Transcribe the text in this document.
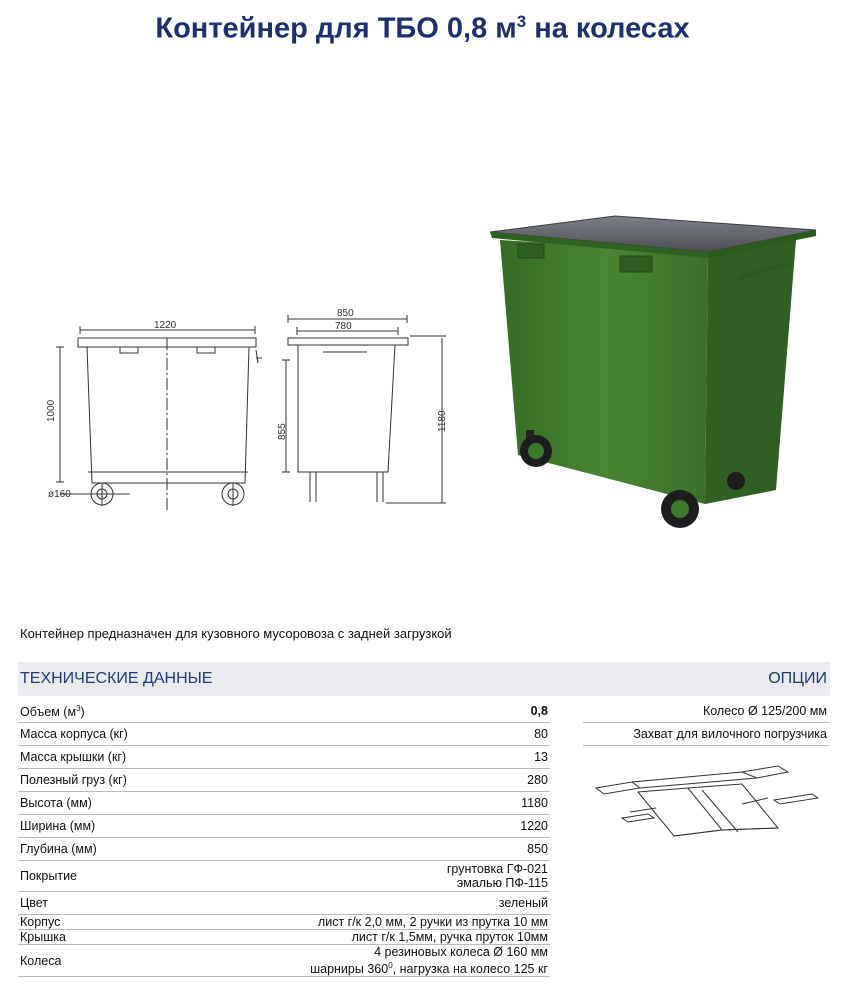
Контейнер для ТБО 0,8 $м^3$ на колесах
1220
1000
ø160
850
780
855	1180
Контейнер предназначен для кузовного мусоровоза с задней загрузкой
ТЕХНИЧЕСКИЕ ДАННЫЕ	ОПЦИИ
Объем $(м^3)$	0,8
Масса корпуса (кг)	80
Масса крышки (кг)	13
Полезный груз (кг)	280
Высота (мм)	1180
Ширина (мм)	1220
Глубина (мм)	850
Покрытие	грунтовка ГФ-021
эмалью ПФ-115

Цвет	зеленый
Корпус	лист г/к 2,0 мм, 2 ручки из прутка 10 мм
Крышка	лист г/к 1,5мм, ручка пруток 10мм
Колеса	4 резиновых колеса Ø 160 мм
шарниры $360^0$, нагрузка на колесо 125 кг
Колесо Ø 125/200 мм
Захват для вилочного погрузчика
